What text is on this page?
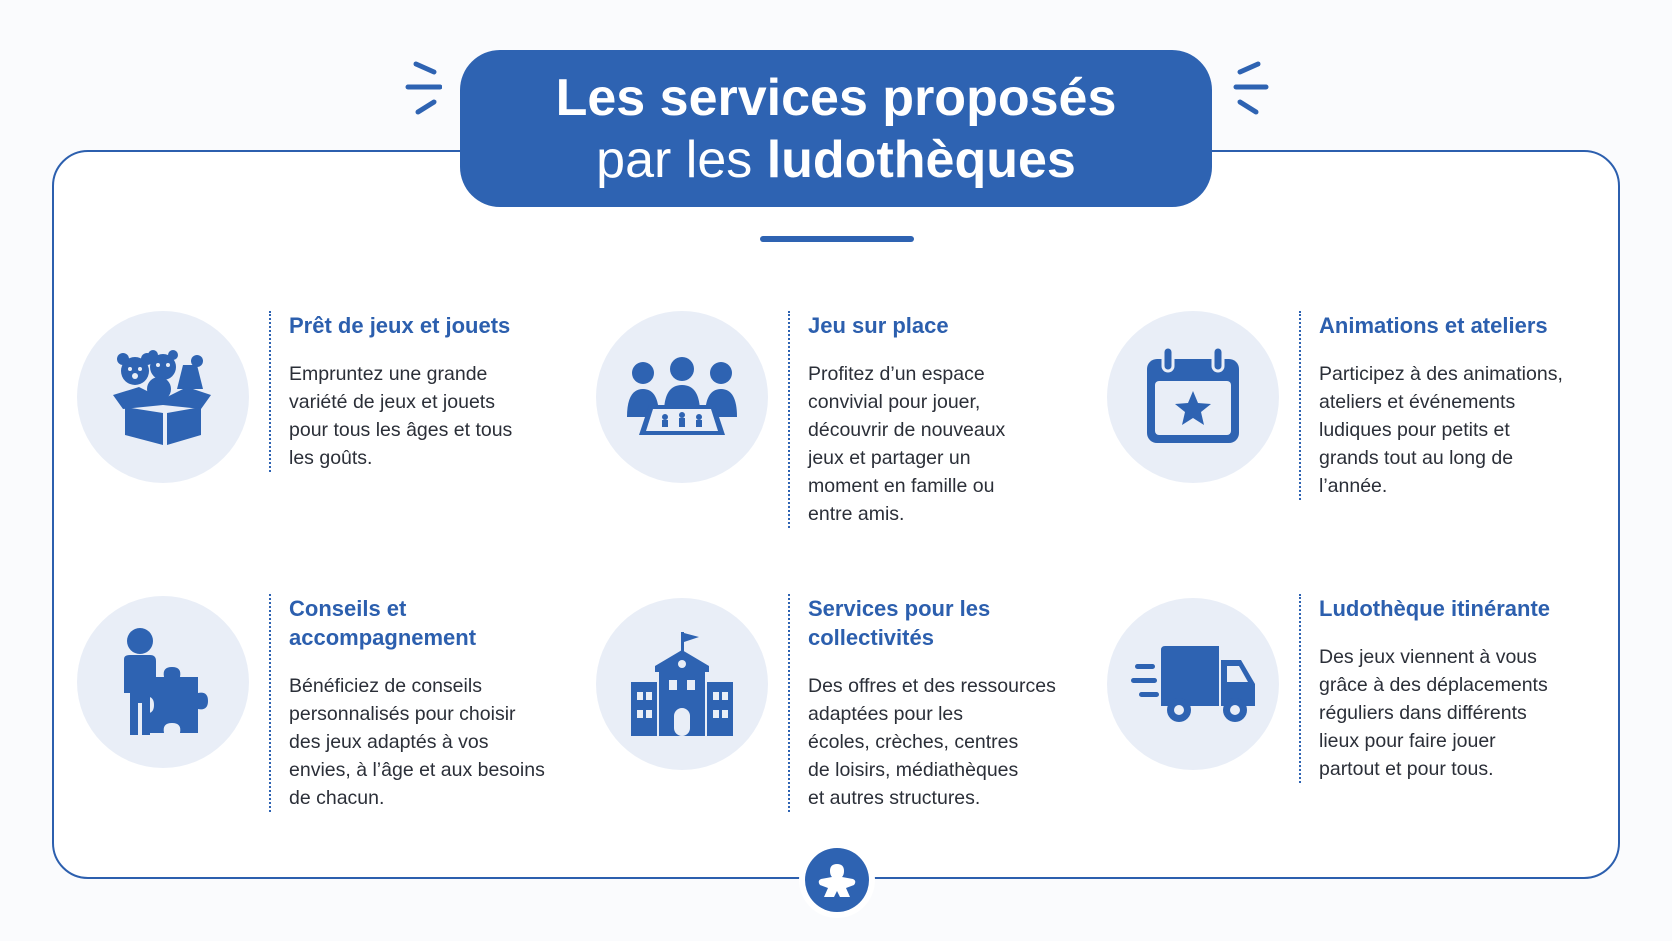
Les services proposés
par les ludothèques
Prêt de jeux et jouets

Empruntez une grande
variété de jeux et jouets
pour tous les âges et tous
les goûts.

Jeu sur place

Profitez d’un espace
convivial pour jouer,
découvrir de nouveaux
jeux et partager un
moment en famille ou
entre amis.

Animations et ateliers

Participez à des animations,
ateliers et événements
ludiques pour petits et
grands tout au long de
l’année.

Conseils et accompagnement

Bénéficiez de conseils
personnalisés pour choisir
des jeux adaptés à vos
envies, à l’âge et aux besoins
de chacun.

Services pour les
collectivités

Des offres et des ressources
adaptées pour les
écoles, crèches, centres
de loisirs, médiathèques
et autres structures.

Ludothèque itinérante

Des jeux viennent à vous
grâce à des déplacements
réguliers dans différents
lieux pour faire jouer
partout et pour tous.
